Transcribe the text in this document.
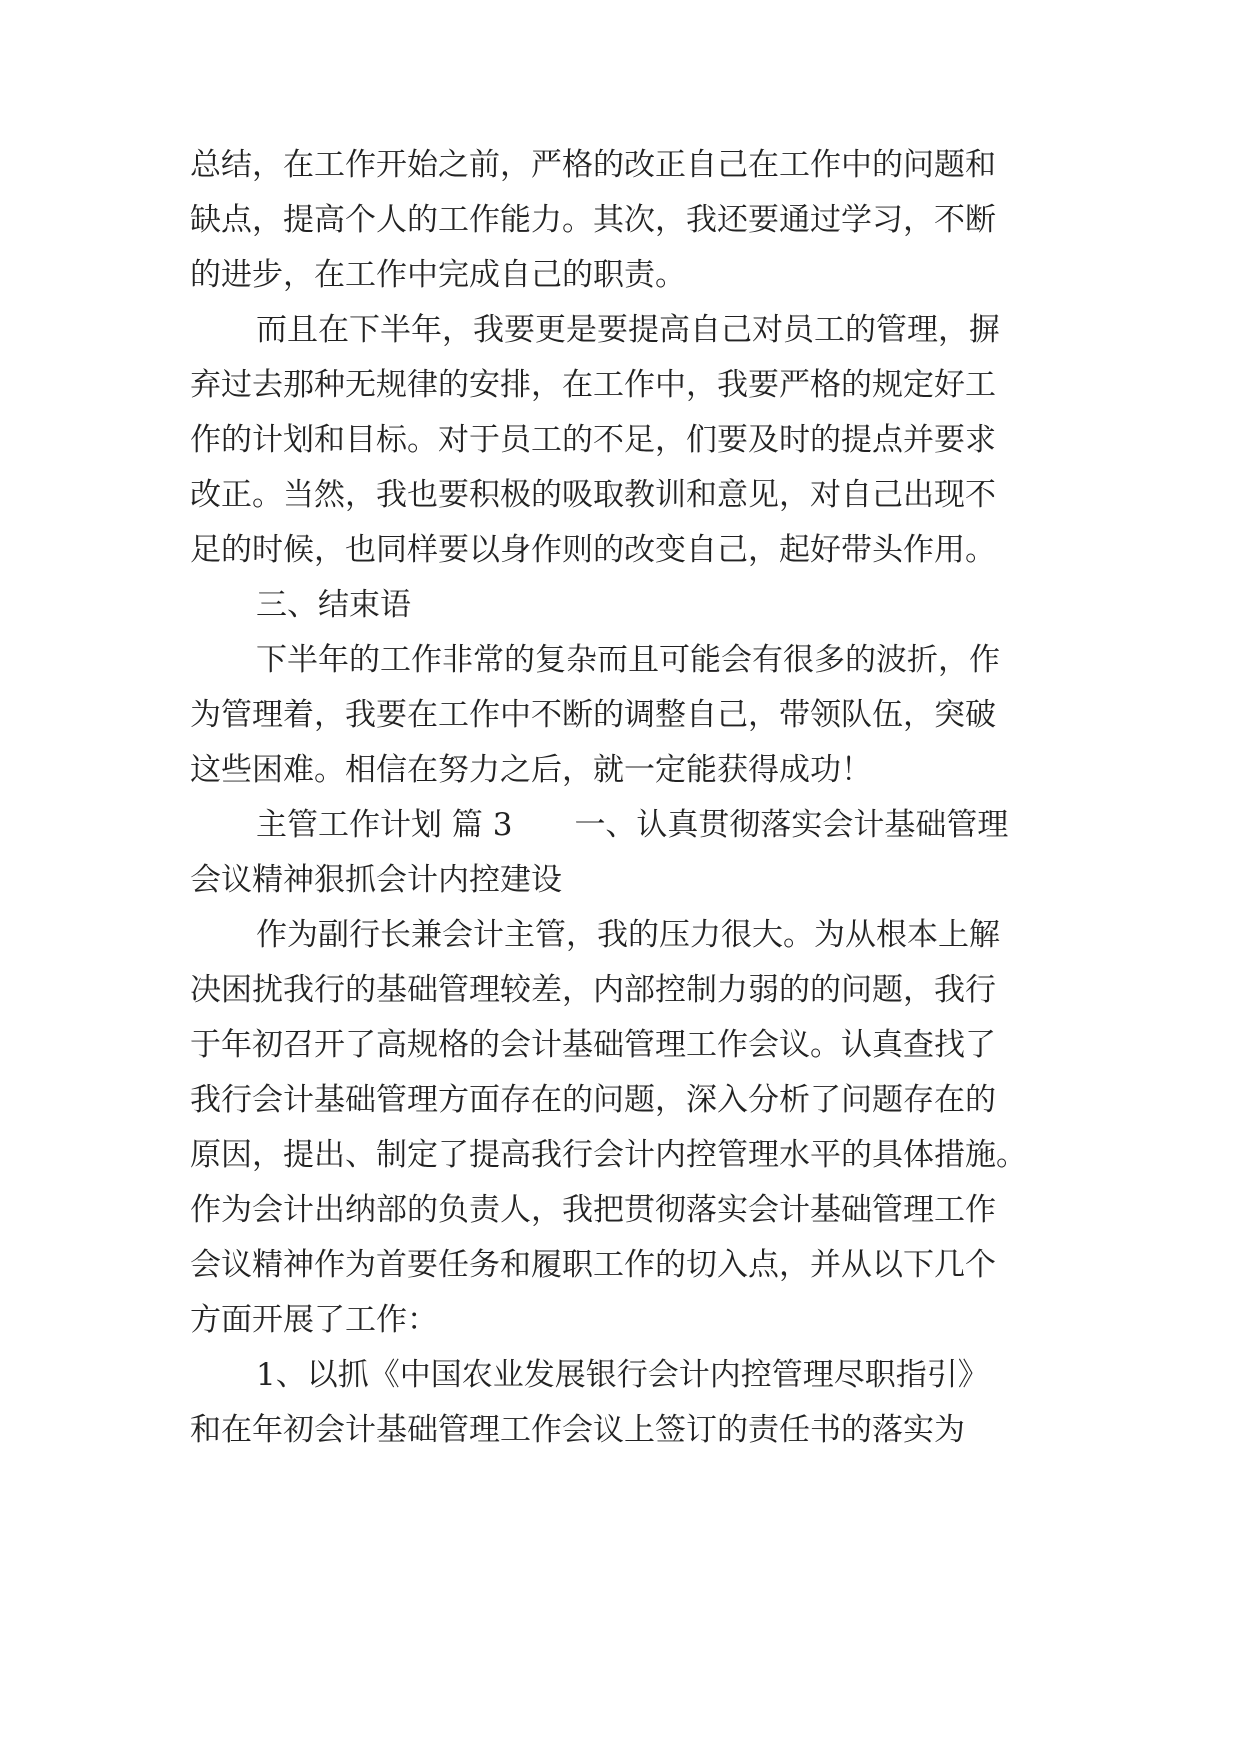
总结，在工作开始之前，严格的改正自己在工作中的问题和
缺点，提高个人的工作能力。其次，我还要通过学习，不断
的进步，在工作中完成自己的职责。
而且在下半年，我要更是要提高自己对员工的管理，摒
弃过去那种无规律的安排，在工作中，我要严格的规定好工
作的计划和目标。对于员工的不足，们要及时的提点并要求
改正。当然，我也要积极的吸取教训和意见，对自己出现不
足的时候，也同样要以身作则的改变自己，起好带头作用。
三、结束语
下半年的工作非常的复杂而且可能会有很多的波折，作
为管理着，我要在工作中不断的调整自己，带领队伍，突破
这些困难。相信在努力之后，就一定能获得成功！
主管工作计划 篇 3 一、认真贯彻落实会计基础管理
会议精神狠抓会计内控建设
作为副行长兼会计主管，我的压力很大。为从根本上解
决困扰我行的基础管理较差，内部控制力弱的的问题，我行
于年初召开了高规格的会计基础管理工作会议。认真查找了
我行会计基础管理方面存在的问题，深入分析了问题存在的
原因，提出、制定了提高我行会计内控管理水平的具体措施。
作为会计出纳部的负责人，我把贯彻落实会计基础管理工作
会议精神作为首要任务和履职工作的切入点，并从以下几个
方面开展了工作：
1、以抓《中国农业发展银行会计内控管理尽职指引》
和在年初会计基础管理工作会议上签订的责任书的落实为
